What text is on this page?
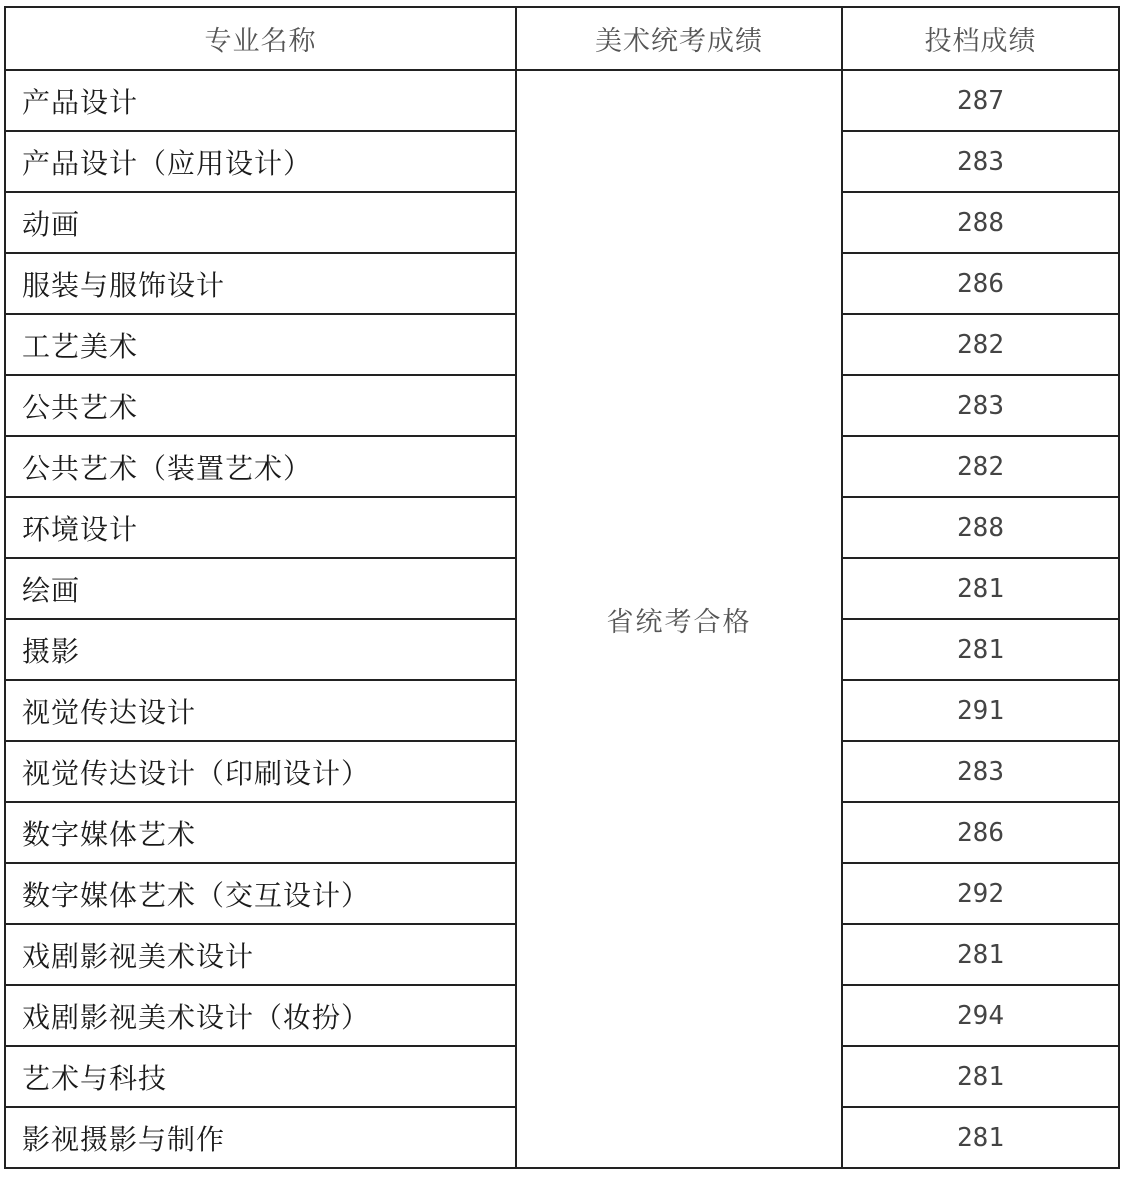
专业名称	美术统考成绩	投档成绩
产品设计	省统考合格	287
产品设计（应用设计）		283
动画		288
服装与服饰设计		286
工艺美术		282
公共艺术		283
公共艺术（装置艺术）		282
环境设计		288
绘画		281
摄影		281
视觉传达设计		291
视觉传达设计（印刷设计）		283
数字媒体艺术		286
数字媒体艺术（交互设计）		292
戏剧影视美术设计		281
戏剧影视美术设计（妆扮）		294
艺术与科技		281
影视摄影与制作		281
